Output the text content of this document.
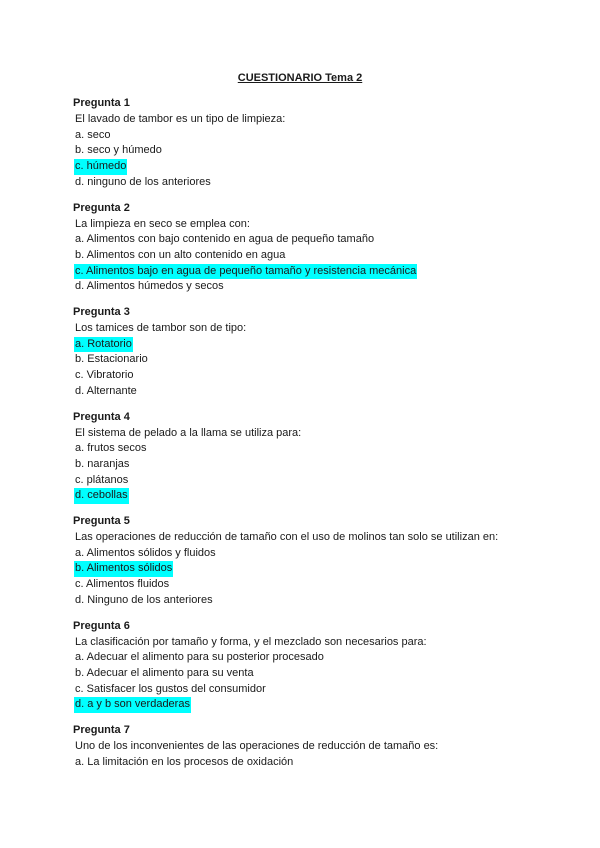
CUESTIONARIO Tema 2
Pregunta 1
El lavado de tambor es un tipo de limpieza:
a. seco
b. seco y húmedo
c. húmedo
d. ninguno de los anteriores
Pregunta 2
La limpieza en seco se emplea con:
a. Alimentos con bajo contenido en agua de pequeño tamaño
b. Alimentos con un alto contenido en agua
c. Alimentos bajo en agua de pequeño tamaño y resistencia mecánica
d. Alimentos húmedos y secos
Pregunta 3
Los tamices de tambor son de tipo:
a. Rotatorio
b. Estacionario
c. Vibratorio
d. Alternante
Pregunta 4
El sistema de pelado a la llama se utiliza para:
a. frutos secos
b. naranjas
c. plátanos
d. cebollas
Pregunta 5
Las operaciones de reducción de tamaño con el uso de molinos tan solo se utilizan en:
a. Alimentos sólidos y fluidos
b. Alimentos sólidos
c. Alimentos fluidos
d. Ninguno de los anteriores
Pregunta 6
La clasificación por tamaño y forma, y el mezclado son necesarios para:
a. Adecuar el alimento para su posterior procesado
b. Adecuar el alimento para su venta
c. Satisfacer los gustos del consumidor
d. a y b son verdaderas
Pregunta 7
Uno de los inconvenientes de las operaciones de reducción de tamaño es:
a. La limitación en los procesos de oxidación
